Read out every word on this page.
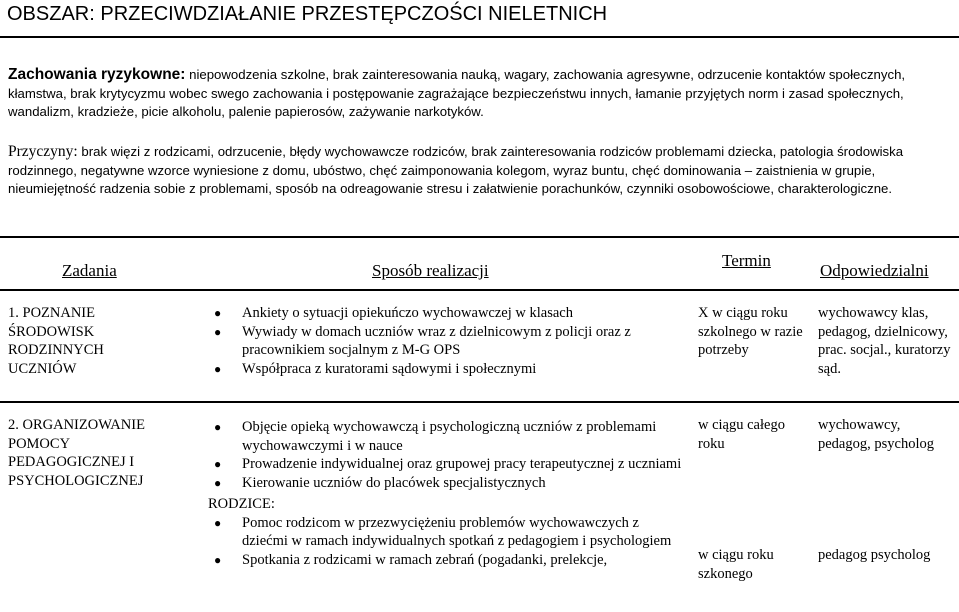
OBSZAR: PRZECIWDZIAŁANIE PRZESTĘPCZOŚCI NIELETNICH
Zachowania ryzykowne: niepowodzenia szkolne, brak zainteresowania nauką, wagary, zachowania agresywne, odrzucenie kontaktów społecznych, kłamstwa, brak krytycyzmu wobec swego zachowania i postępowanie zagrażające bezpieczeństwu innych, łamanie przyjętych norm i zasad społecznych, wandalizm, kradzieże, picie alkoholu, palenie papierosów, zażywanie narkotyków.
Przyczyny: brak więzi z rodzicami, odrzucenie, błędy wychowawcze rodziców, brak zainteresowania rodziców problemami dziecka, patologia środowiska rodzinnego, negatywne wzorce wyniesione z domu, ubóstwo, chęć zaimponowania kolegom, wyraz buntu, chęć dominowania – zaistnienia w grupie, nieumiejętność radzenia sobie z problemami, sposób na odreagowanie stresu i załatwienie porachunków, czynniki osobowościowe, charakterologiczne.
Zadania	Sposób realizacji
Termin
Odpowiedzialni
1. POZNANIE ŚRODOWISK RODZINNYCH UCZNIÓW
● Ankiety o sytuacji opiekuńczo wychowawczej w klasach
● Wywiady w domach uczniów wraz z dzielnicowym z policji oraz z pracownikiem socjalnym z M-G OPS
● Współpraca z kuratorami sądowymi i społecznymi
X w ciągu roku szkolnego w razie potrzeby
wychowawcy klas, pedagog, dzielnicowy, prac. socjal., kuratorzy sąd.
2. ORGANIZOWANIE POMOCY PEDAGOGICZNEJ I PSYCHOLOGICZNEJ
● Objęcie opieką wychowawczą i psychologiczną uczniów z problemami wychowawczymi i w nauce
● Prowadzenie indywidualnej oraz grupowej pracy terapeutycznej z uczniami
● Kierowanie uczniów do placówek specjalistycznych
RODZICE:
● Pomoc rodzicom w przezwyciężeniu problemów wychowawczych z dziećmi w ramach indywidualnych spotkań z pedagogiem i psychologiem
● Spotkania z rodzicami w ramach zebrań (pogadanki, prelekcje,
w ciągu całego roku
wychowawcy, pedagog, psycholog
w ciągu roku szkonego
pedagog psycholog
